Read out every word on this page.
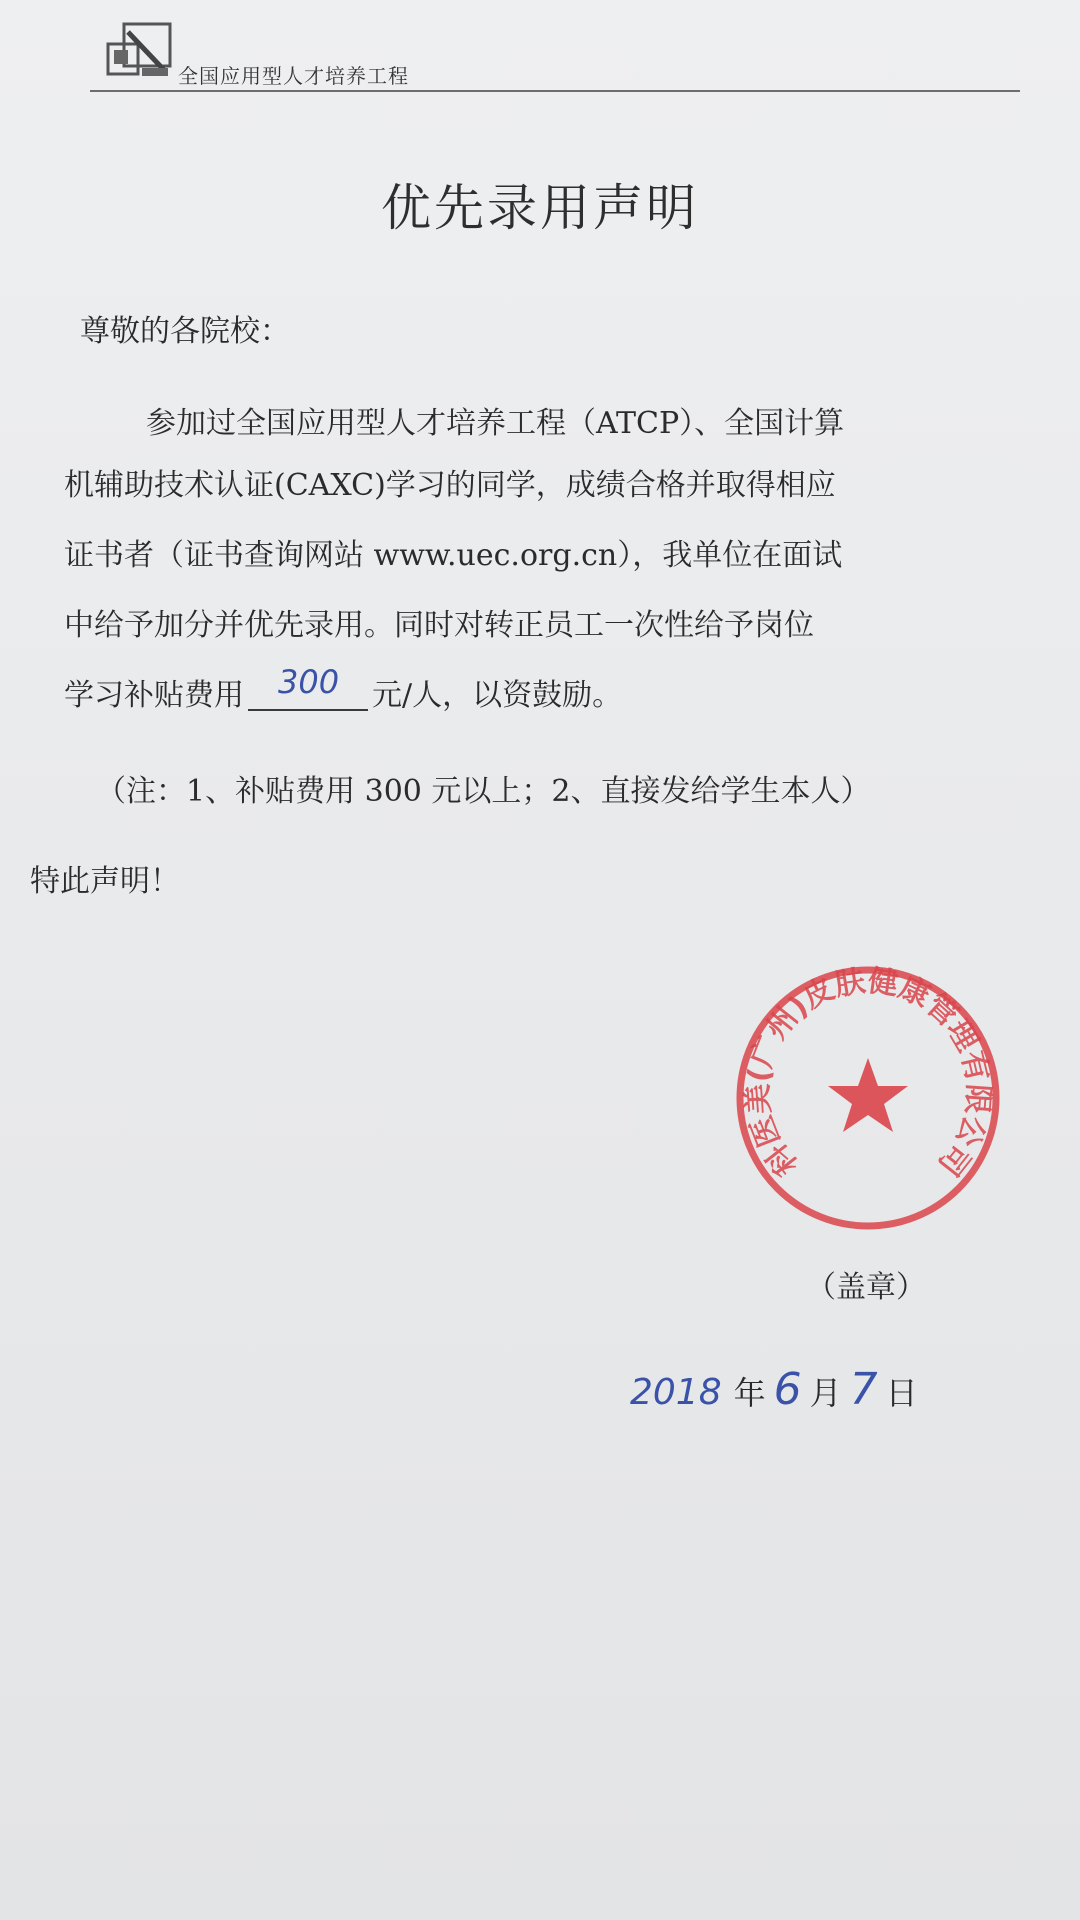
全国应用型人才培养工程
优先录用声明
尊敬的各院校：
参加过全国应用型人才培养工程（ATCP）、全国计算
机辅助技术认证(CAXC)学习的同学，成绩合格并取得相应
证书者（证书查询网站 www.uec.org.cn），我单位在面试
中给予加分并优先录用。同时对转正员工一次性给予岗位
学习补贴费用 300 元/人，以资鼓励。
（注：1、补贴费用 300 元以上；2、直接发给学生本人）
特此声明！
科医美(广州)皮肤健康管理有限公司
（盖章）
2018 年 6 月 7 日
